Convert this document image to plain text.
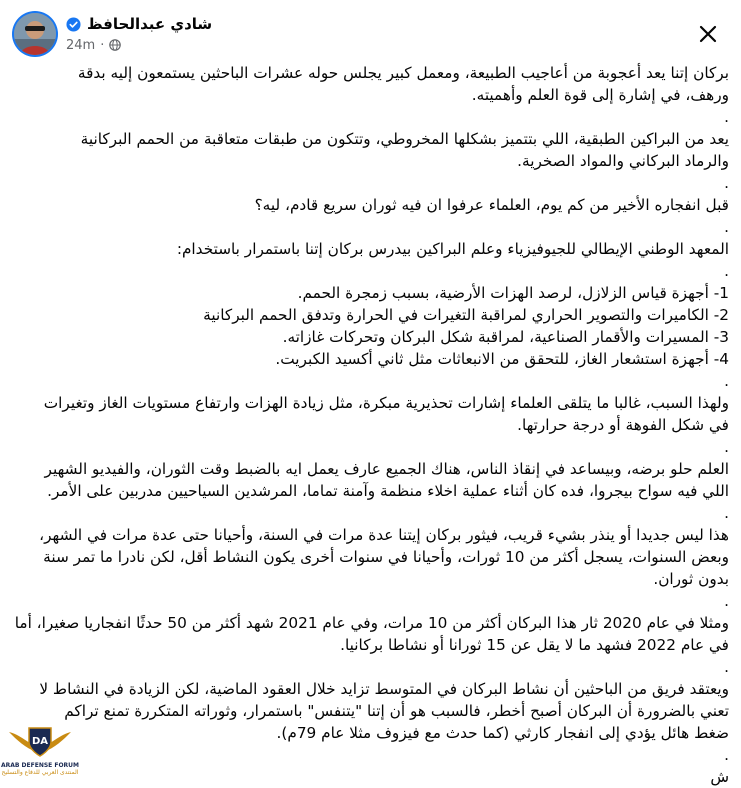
شادي عبدالحافظ
24m ·

بركان إتنا يعد أعجوبة من أعاجيب الطبيعة، ومعمل كبير يجلس حوله عشرات الباحثين يستمعون إليه بدقة
ورهف، في إشارة إلى قوة العلم وأهميته.

.

يعد من البراكين الطبقية، اللي بتتميز بشكلها المخروطي، وتتكون من طبقات متعاقبة من الحمم البركانية
والرماد البركاني والمواد الصخرية.

.

قبل انفجاره الأخير من كم يوم، العلماء عرفوا ان فيه ثوران سريع قادم، ليه؟

.

المعهد الوطني الإيطالي للجيوفيزياء وعلم البراكين بيدرس بركان إتنا باستمرار باستخدام:

.

1- أجهزة قياس الزلازل، لرصد الهزات الأرضية، بسبب زمجرة الحمم.
2- الكاميرات والتصوير الحراري لمراقبة التغيرات في الحرارة وتدفق الحمم البركانية
3- المسيرات والأقمار الصناعية، لمراقبة شكل البركان وتحركات غازاته.
4- أجهزة استشعار الغاز، للتحقق من الانبعاثات مثل ثاني أكسيد الكبريت.

.

ولهذا السبب، غالبا ما يتلقى العلماء إشارات تحذيرية مبكرة، مثل زيادة الهزات وارتفاع مستويات الغاز وتغيرات
في شكل الفوهة أو درجة حرارتها.

.

العلم حلو برضه، وبيساعد في إنقاذ الناس، هناك الجميع عارف يعمل ايه بالضبط وقت الثوران، والفيديو الشهير
اللي فيه سواح بيجروا، فده كان أثناء عملية اخلاء منظمة وآمنة تماما، المرشدين السياحيين مدربين على الأمر.

.

هذا ليس جديدا أو ينذر بشيء قريب، فيثور بركان إيتنا عدة مرات في السنة، وأحيانا حتى عدة مرات في الشهر،
وبعض السنوات، يسجل أكثر من 10 ثورات، وأحيانا في سنوات أخرى يكون النشاط أقل، لكن نادرا ما تمر سنة
بدون ثوران.

.

ومثلا في عام 2020 ثار هذا البركان أكثر من 10 مرات، وفي عام 2021 شهد أكثر من 50 حدثًا انفجاريا صغيرا، أما
في عام 2022 فشهد ما لا يقل عن 15 ثورانا أو نشاطا بركانيا.

.

ويعتقد فريق من الباحثين أن نشاط البركان في المتوسط تزايد خلال العقود الماضية، لكن الزيادة في النشاط لا
تعني بالضرورة أن البركان أصبح أخطر، فالسبب هو أن إتنا "يتنفس" باستمرار، وثوراته المتكررة تمنع تراكم
ضغط هائل يؤدي إلى انفجار كارثي (كما حدث مع فيزوف مثلا عام 79م).

.

ش

DA
ARAB DEFENSE FORUM
المنتدى العربي للدفاع والتسليح
